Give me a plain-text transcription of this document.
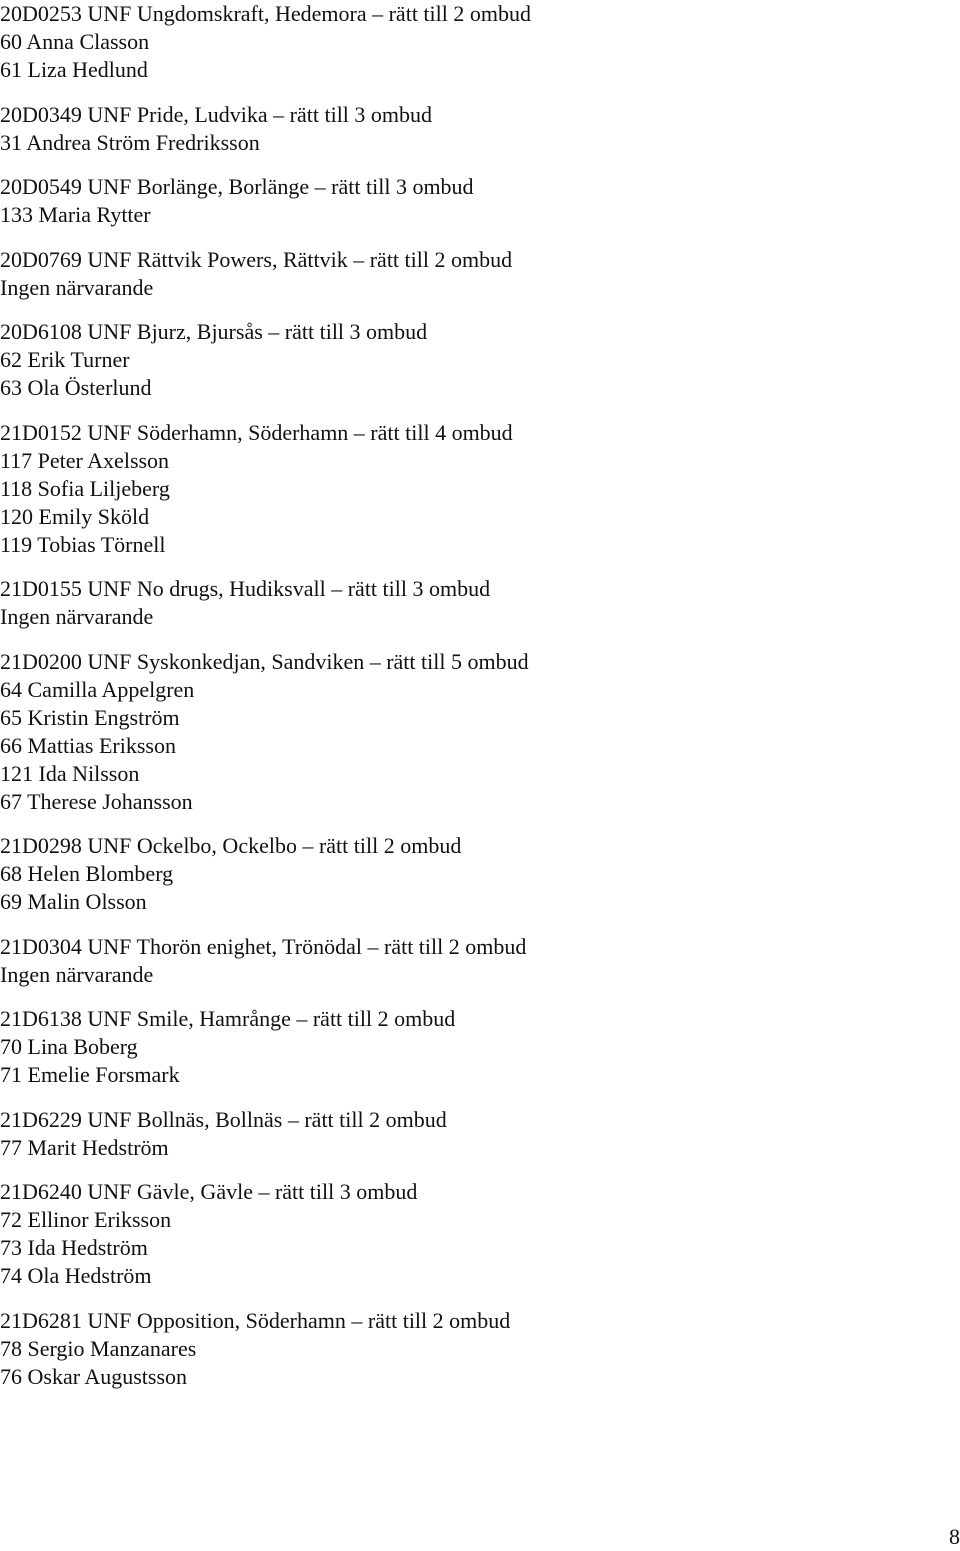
20D0253 UNF Ungdomskraft, Hedemora – rätt till 2 ombud
60 Anna Classon
61 Liza Hedlund
20D0349 UNF Pride, Ludvika – rätt till 3 ombud
31 Andrea Ström Fredriksson
20D0549 UNF Borlänge, Borlänge – rätt till 3 ombud
133 Maria Rytter
20D0769 UNF Rättvik Powers, Rättvik – rätt till 2 ombud
Ingen närvarande
20D6108 UNF Bjurz, Bjursås – rätt till 3 ombud
62 Erik Turner
63 Ola Österlund
21D0152 UNF Söderhamn, Söderhamn – rätt till 4 ombud
117 Peter Axelsson
118 Sofia Liljeberg
120 Emily Sköld
119 Tobias Törnell
21D0155 UNF No drugs, Hudiksvall – rätt till 3 ombud
Ingen närvarande
21D0200 UNF Syskonkedjan, Sandviken – rätt till 5 ombud
64 Camilla Appelgren
65 Kristin Engström
66 Mattias Eriksson
121 Ida Nilsson
67 Therese Johansson
21D0298 UNF Ockelbo, Ockelbo – rätt till 2 ombud
68 Helen Blomberg
69 Malin Olsson
21D0304 UNF Thorön enighet, Trönödal – rätt till 2 ombud
Ingen närvarande
21D6138 UNF Smile, Hamrånge – rätt till 2 ombud
70 Lina Boberg
71 Emelie Forsmark
21D6229 UNF Bollnäs, Bollnäs – rätt till 2 ombud
77 Marit Hedström
21D6240 UNF Gävle, Gävle – rätt till 3 ombud
72 Ellinor Eriksson
73 Ida Hedström
74 Ola Hedström
21D6281 UNF Opposition, Söderhamn – rätt till 2 ombud
78 Sergio Manzanares
76 Oskar Augustsson
8
